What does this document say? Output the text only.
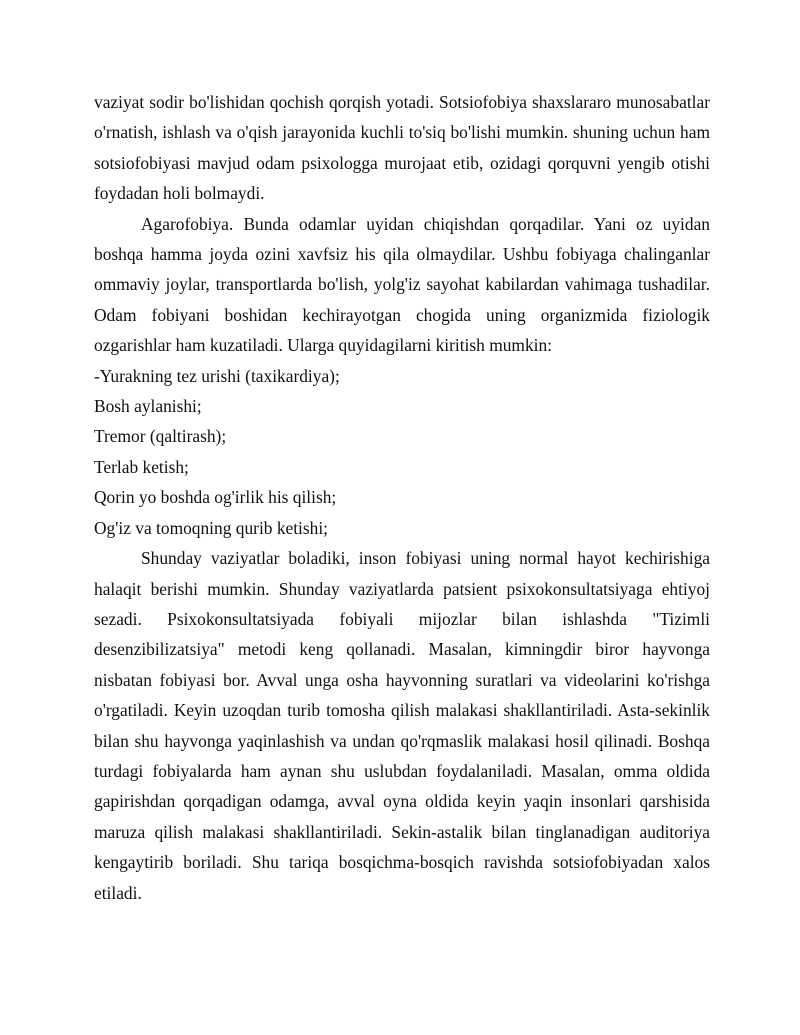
vaziyat sodir bo'lishidan qochish qorqish yotadi. Sotsiofobiya shaxslararo munosabatlar o'rnatish, ishlash va o'qish jarayonida kuchli to'siq bo'lishi mumkin. shuning uchun ham sotsiofobiyasi mavjud odam psixologga murojaat etib, ozidagi qorquvni yengib otishi foydadan holi bolmaydi.

Agarofobiya. Bunda odamlar uyidan chiqishdan qorqadilar. Yani oz uyidan boshqa hamma joyda ozini xavfsiz his qila olmaydilar. Ushbu fobiyaga chalinganlar ommaviy joylar, transportlarda bo'lish, yolg'iz sayohat kabilardan vahimaga tushadilar. Odam fobiyani boshidan kechirayotgan chogida uning organizmida fiziologik ozgarishlar ham kuzatiladi. Ularga quyidagilarni kiritish mumkin:

-Yurakning tez urishi (taxikardiya);

Bosh aylanishi;

Tremor (qaltirash);

Terlab ketish;

Qorin yo boshda og'irlik his qilish;

Og'iz va tomoqning qurib ketishi;

Shunday vaziyatlar boladiki, inson fobiyasi uning normal hayot kechirishiga halaqit berishi mumkin. Shunday vaziyatlarda patsient psixokonsultatsiyaga ehtiyoj sezadi. Psixokonsultatsiyada fobiyali mijozlar bilan ishlashda "Tizimli desenzibilizatsiya" metodi keng qollanadi. Masalan, kimningdir biror hayvonga nisbatan fobiyasi bor. Avval unga osha hayvonning suratlari va videolarini ko'rishga o'rgatiladi. Keyin uzoqdan turib tomosha qilish malakasi shakllantiriladi. Asta-sekinlik bilan shu hayvonga yaqinlashish va undan qo'rqmaslik malakasi hosil qilinadi. Boshqa turdagi fobiyalarda ham aynan shu uslubdan foydalaniladi. Masalan, omma oldida gapirishdan qorqadigan odamga, avval oyna oldida keyin yaqin insonlari qarshisida maruza qilish malakasi shakllantiriladi. Sekin-astalik bilan tinglanadigan auditoriya kengaytirib boriladi. Shu tariqa bosqichma-bosqich ravishda sotsiofobiyadan xalos etiladi.
